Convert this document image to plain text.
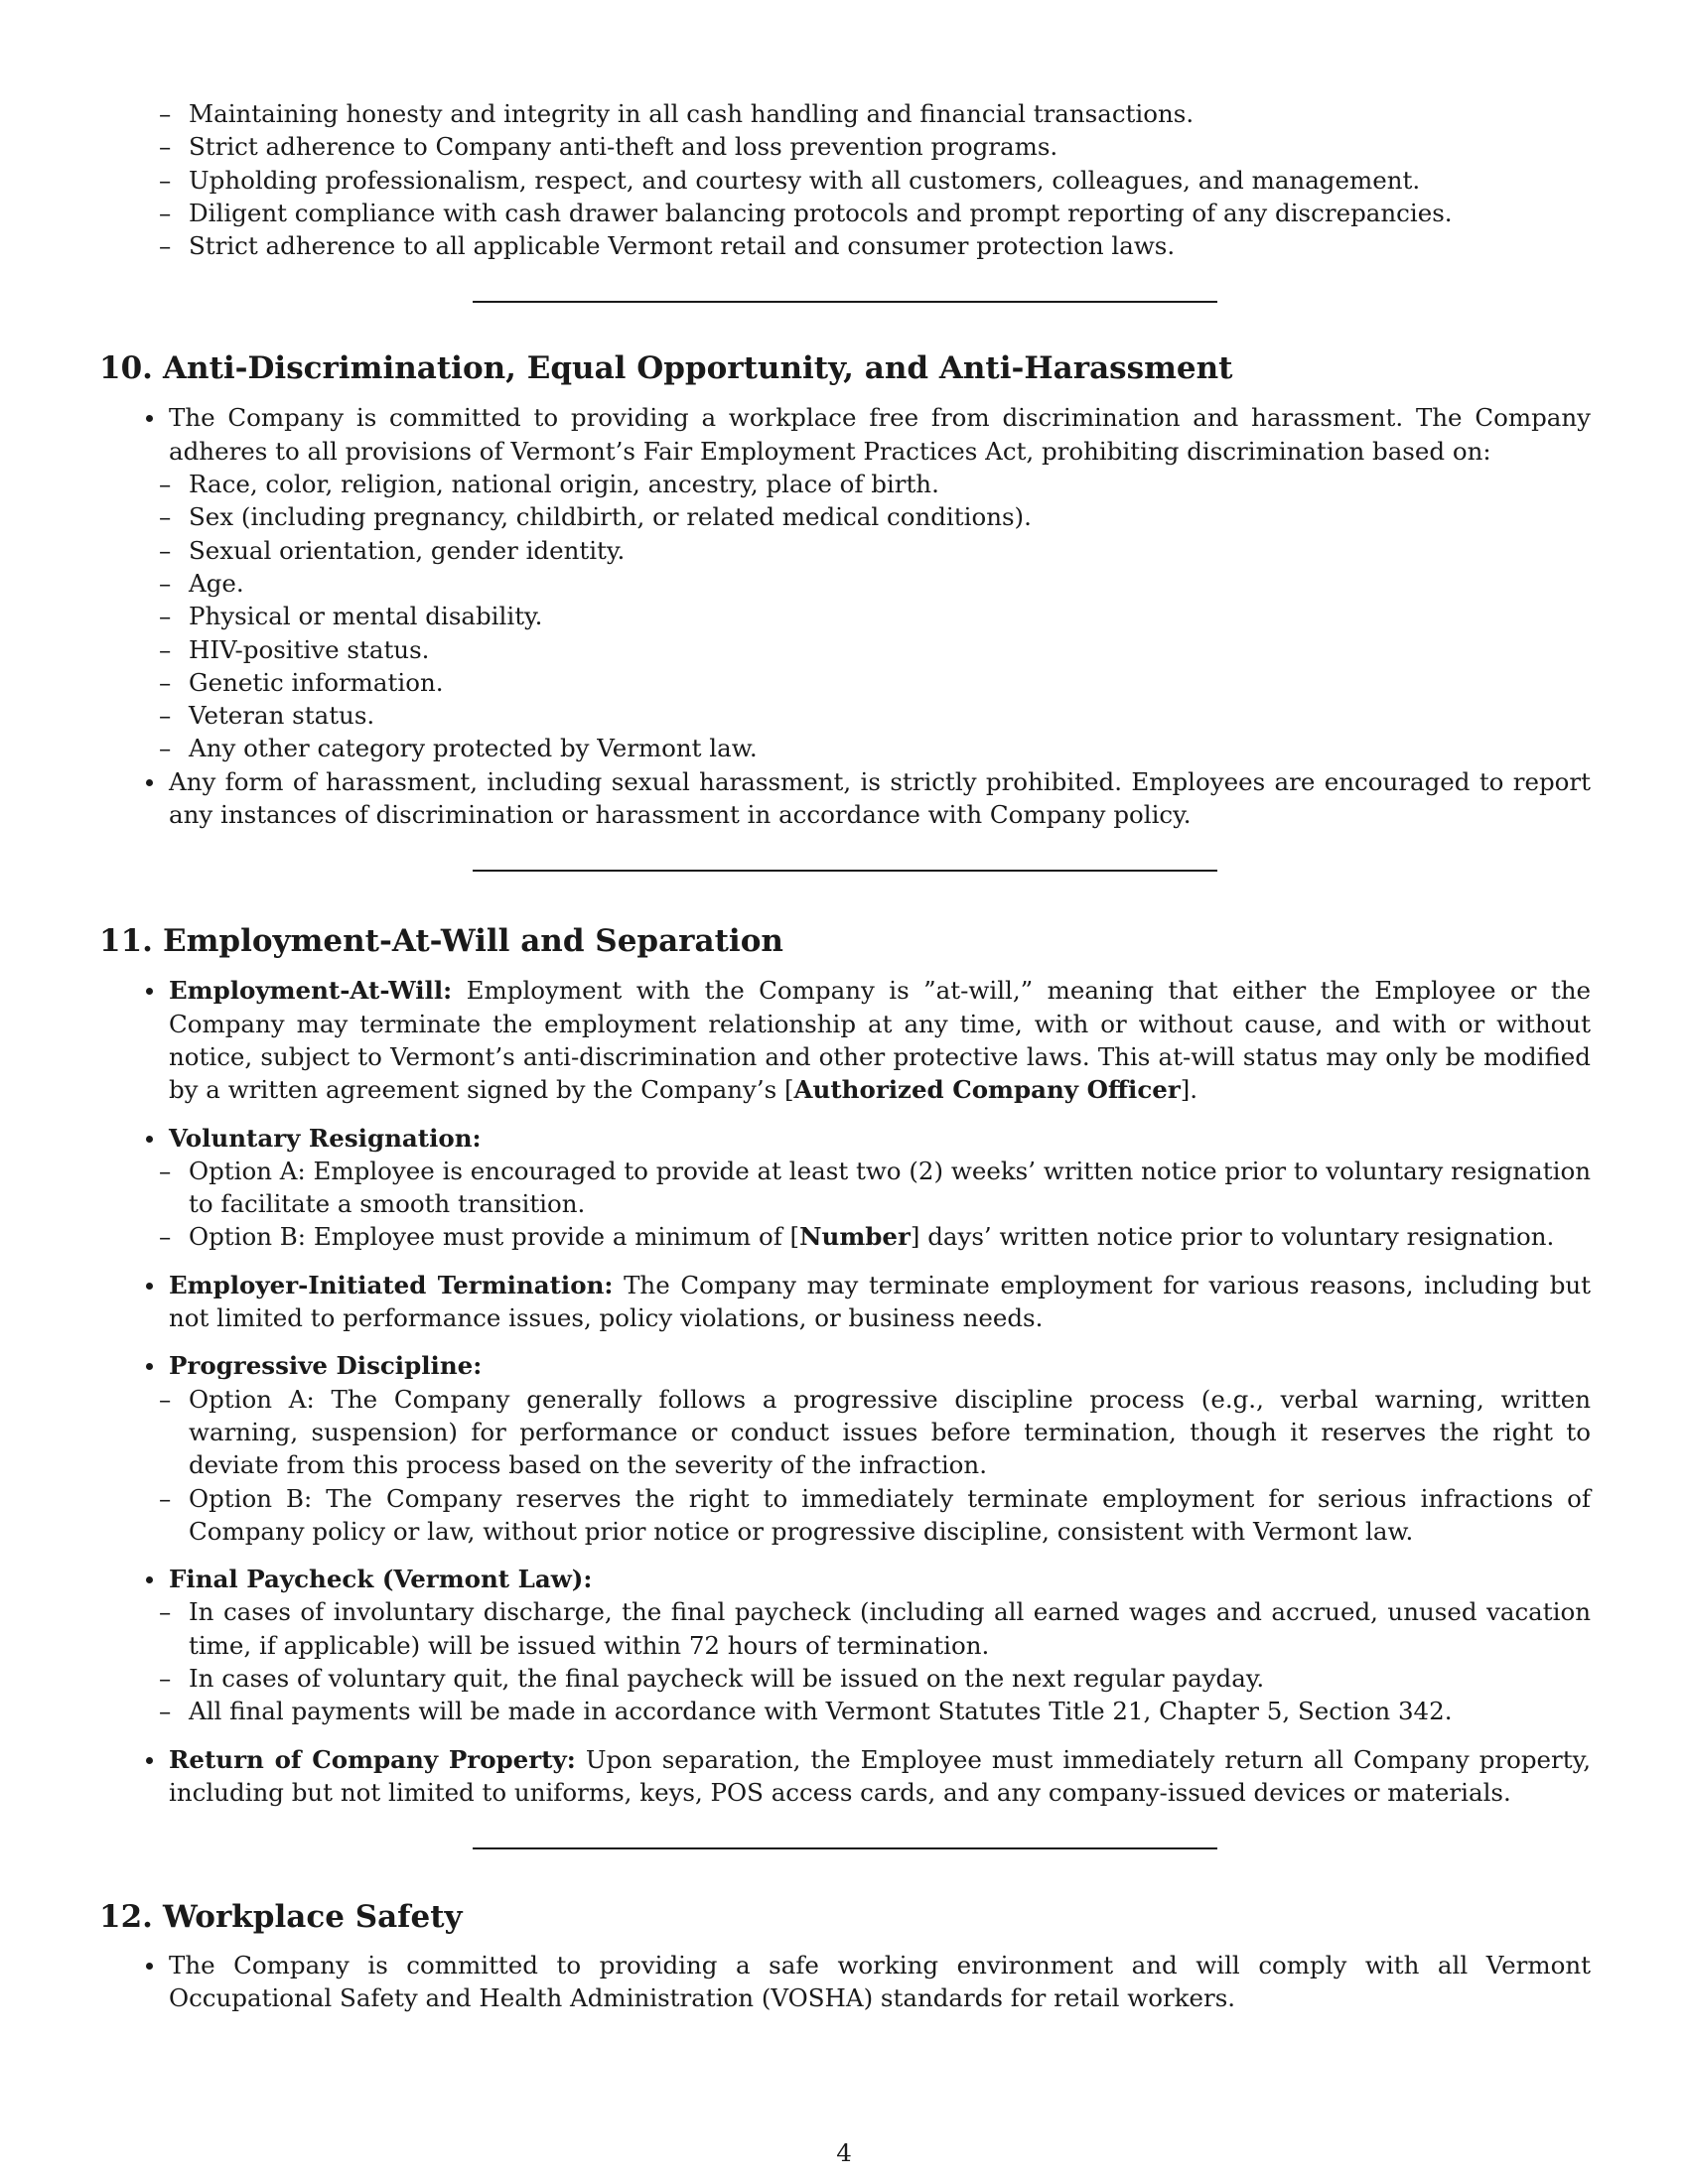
– Maintaining honesty and integrity in all cash handling and financial transactions.
– Strict adherence to Company anti-theft and loss prevention programs.
– Upholding professionalism, respect, and courtesy with all customers, colleagues, and management.
– Diligent compliance with cash drawer balancing protocols and prompt reporting of any discrepancies.
– Strict adherence to all applicable Vermont retail and consumer protection laws.
10. Anti-Discrimination, Equal Opportunity, and Anti-Harassment
The Company is committed to providing a workplace free from discrimination and harassment. The Company adheres to all provisions of Vermont’s Fair Employment Practices Act, prohibiting discrimination based on:
– Race, color, religion, national origin, ancestry, place of birth.
– Sex (including pregnancy, childbirth, or related medical conditions).
– Sexual orientation, gender identity.
– Age.
– Physical or mental disability.
– HIV-positive status.
– Genetic information.
– Veteran status.
– Any other category protected by Vermont law.
Any form of harassment, including sexual harassment, is strictly prohibited. Employees are encouraged to report any instances of discrimination or harassment in accordance with Company policy.
11. Employment-At-Will and Separation
Employment-At-Will: Employment with the Company is ”at-will,” meaning that either the Employee or the Company may terminate the employment relationship at any time, with or without cause, and with or without notice, subject to Vermont’s anti-discrimination and other protective laws. This at-will status may only be modified by a written agreement signed by the Company’s [Authorized Company Officer].
Voluntary Resignation:
– Option A: Employee is encouraged to provide at least two (2) weeks’ written notice prior to voluntary resignation to facilitate a smooth transition.
– Option B: Employee must provide a minimum of [Number] days’ written notice prior to voluntary resignation.
Employer-Initiated Termination: The Company may terminate employment for various reasons, including but not limited to performance issues, policy violations, or business needs.
Progressive Discipline:
– Option A: The Company generally follows a progressive discipline process (e.g., verbal warning, written warning, suspension) for performance or conduct issues before termination, though it reserves the right to deviate from this process based on the severity of the infraction.
– Option B: The Company reserves the right to immediately terminate employment for serious infractions of Company policy or law, without prior notice or progressive discipline, consistent with Vermont law.
Final Paycheck (Vermont Law):
– In cases of involuntary discharge, the final paycheck (including all earned wages and accrued, unused vacation time, if applicable) will be issued within 72 hours of termination.
– In cases of voluntary quit, the final paycheck will be issued on the next regular payday.
– All final payments will be made in accordance with Vermont Statutes Title 21, Chapter 5, Section 342.
Return of Company Property: Upon separation, the Employee must immediately return all Company property, including but not limited to uniforms, keys, POS access cards, and any company-issued devices or materials.
12. Workplace Safety
The Company is committed to providing a safe working environment and will comply with all Vermont Occupational Safety and Health Administration (VOSHA) standards for retail workers.
4
